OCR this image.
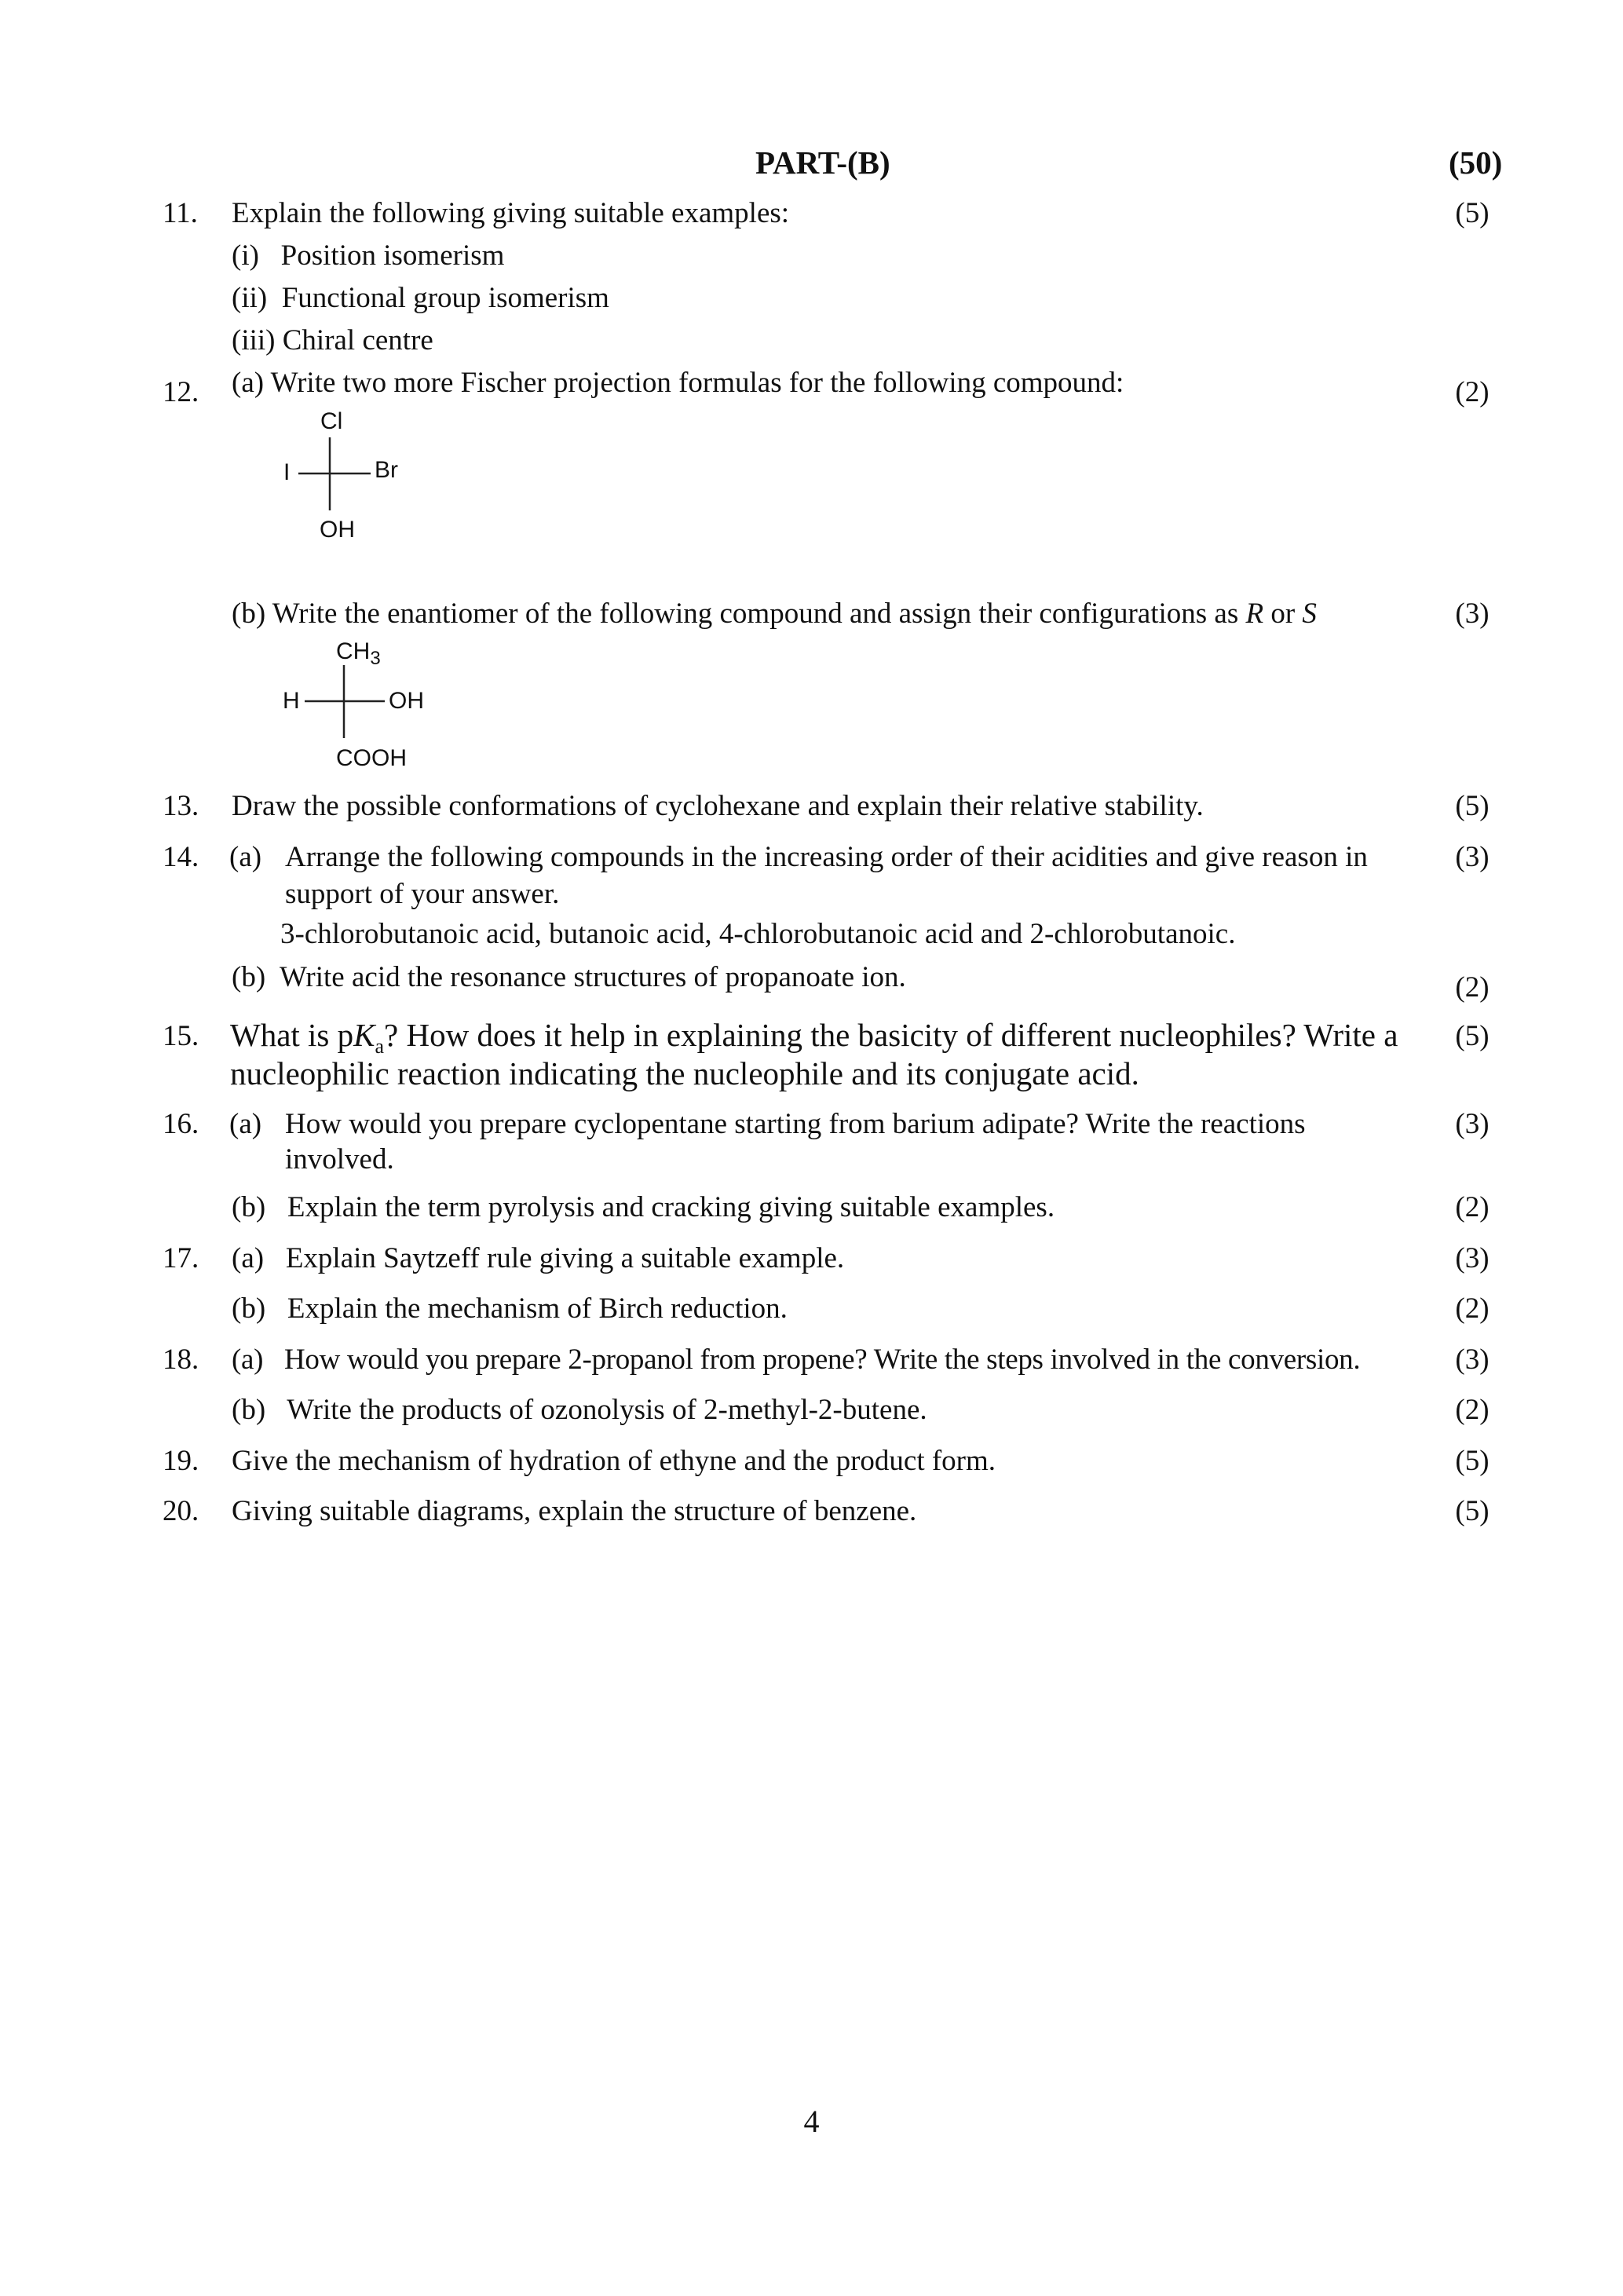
PART-(B)	(50)
11. Explain the following giving suitable examples:	(5)
(i)   Position isomerism
(ii)  Functional group isomerism
(iii) Chiral centre
12. (a) Write two more Fischer projection formulas for the following compound:	(2)
Cl
I	Br
OH
(b) Write the enantiomer of the following compound and assign their configurations as R or S	(3)
$CH_3$
H	OH
COOH
13. Draw the possible conformations of cyclohexane and explain their relative stability.	(5)
14. (a) Arrange the following compounds in the increasing order of their acidities and give reason in	(3)
support of your answer.
3-chlorobutanoic acid, butanoic acid, 4-chlorobutanoic acid and 2-chlorobutanoic.
(b)  Write acid the resonance structures of propanoate ion.	(2)
15. What is $pK_a$? How does it help in explaining the basicity of different nucleophiles? Write a	(5)
nucleophilic reaction indicating the nucleophile and its conjugate acid.
16. (a) How would you prepare cyclopentane starting from barium adipate? Write the reactions	(3)
involved.
(b)   Explain the term pyrolysis and cracking giving suitable examples.	(2)
17. (a)   Explain Saytzeff rule giving a suitable example.	(3)
(b)   Explain the mechanism of Birch reduction.	(2)
18. (a)   How would you prepare 2-propanol from propene? Write the steps involved in the conversion.	(3)
(b)   Write the products of ozonolysis of 2-methyl-2-butene.	(2)
19. Give the mechanism of hydration of ethyne and the product form.	(5)
20. Giving suitable diagrams, explain the structure of benzene.	(5)
4
